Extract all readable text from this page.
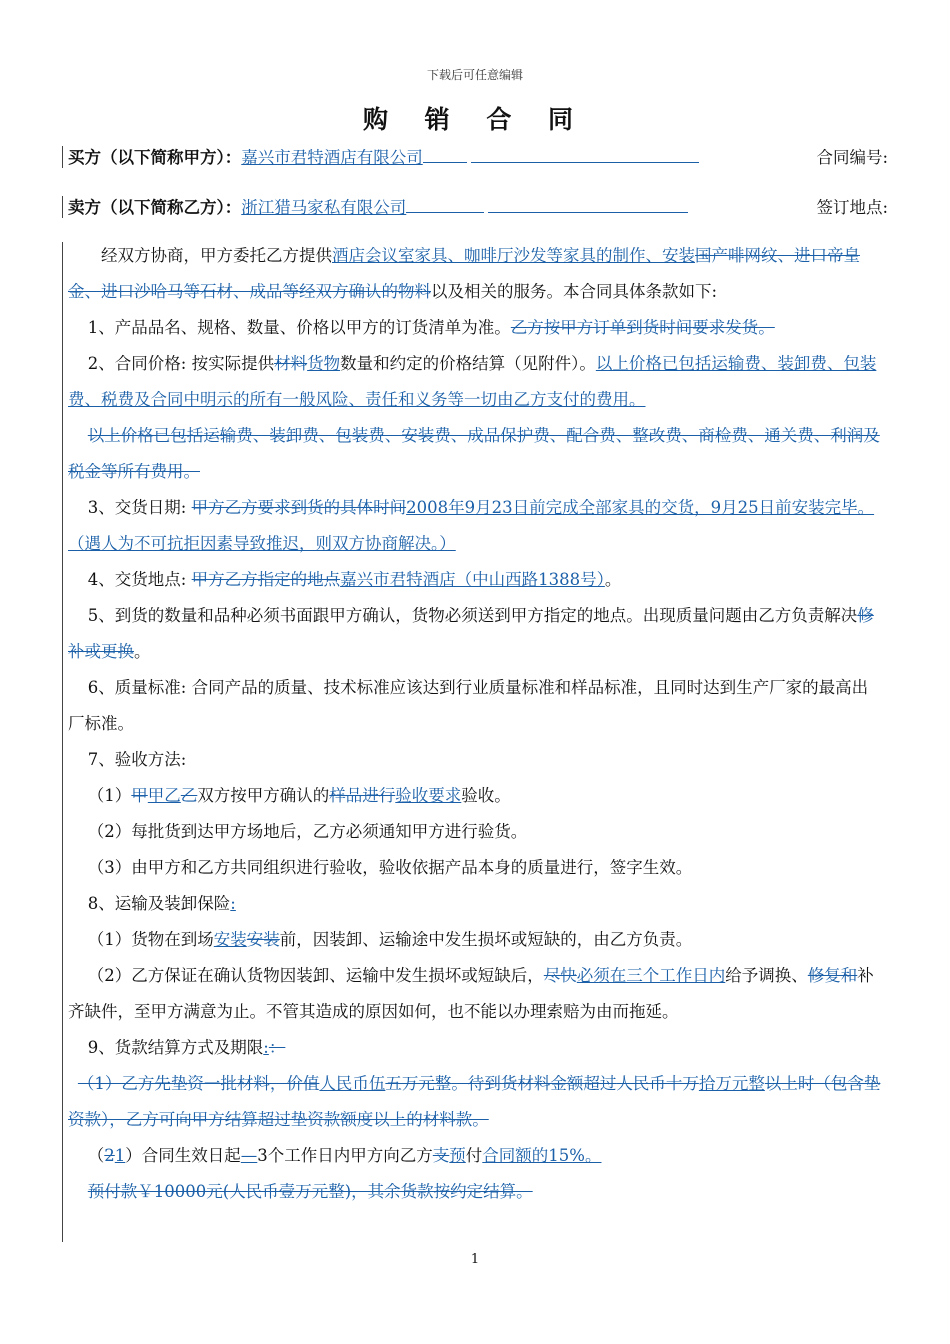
下载后可任意编辑
购 销 合 同
买方（以下简称甲方）：嘉兴市君特酒店有限公司	合同编号:
卖方（以下简称乙方）：浙江猎马家私有限公司	签订地点:

经双方协商，甲方委托乙方提供酒店会议室家具、咖啡厅沙发等家具的制作、安装国产啡网纹、进口帝皇金、进口沙哈马等石材、成品等经双方确认的物料以及相关的服务。本合同具体条款如下:

1、产品品名、规格、数量、价格以甲方的订货清单为准。乙方按甲方订单到货时间要求发货。

2、合同价格: 按实际提供材料货物数量和约定的价格结算（见附件）。以上价格已包括运输费、装卸费、包装费、税费及合同中明示的所有一般风险、责任和义务等一切由乙方支付的费用。

以上价格已包括运输费、装卸费、包装费、安装费、成品保护费、配合费、整改费、商检费、通关费、利润及税金等所有费用。

3、交货日期: 甲方乙方要求到货的具体时间2008年9月23日前完成全部家具的交货，9月25日前安装完毕。（遇人为不可抗拒因素导致推迟，则双方协商解决。）

4、交货地点: 甲方乙方指定的地点嘉兴市君特酒店（中山西路1388号）。

5、到货的数量和品种必须书面跟甲方确认，货物必须送到甲方指定的地点。出现质量问题由乙方负责解决修补或更换。

6、质量标准: 合同产品的质量、技术标准应该达到行业质量标准和样品标准，且同时达到生产厂家的最高出厂标准。

7、验收方法:

（1）甲甲乙乙双方按甲方确认的样品进行验收要求验收。

（2）每批货到达甲方场地后，乙方必须通知甲方进行验货。

（3）由甲方和乙方共同组织进行验收，验收依据产品本身的质量进行，签字生效。

8、运输及装卸保险:

（1）货物在到场安装安装前，因装卸、运输途中发生损坏或短缺的，由乙方负责。

（2）乙方保证在确认货物因装卸、运输中发生损坏或短缺后，尽快必须在三个工作日内给予调换、修复和补齐缺件，至甲方满意为止。不管其造成的原因如何，也不能以办理索赔为由而拖延。

9、货款结算方式及期限:：

（1）乙方先垫资一批材料，价值人民币伍五万元整。待到货材料金额超过人民币十万拾万元整以上时（包含垫资款），乙方可向甲方结算超过垫资款额度以上的材料款。

（21）合同生效日起—3个工作日内甲方向乙方支预付合同额的15%。

预付款￥10000元(人民币壹万元整)，其余货款按约定结算。

1
